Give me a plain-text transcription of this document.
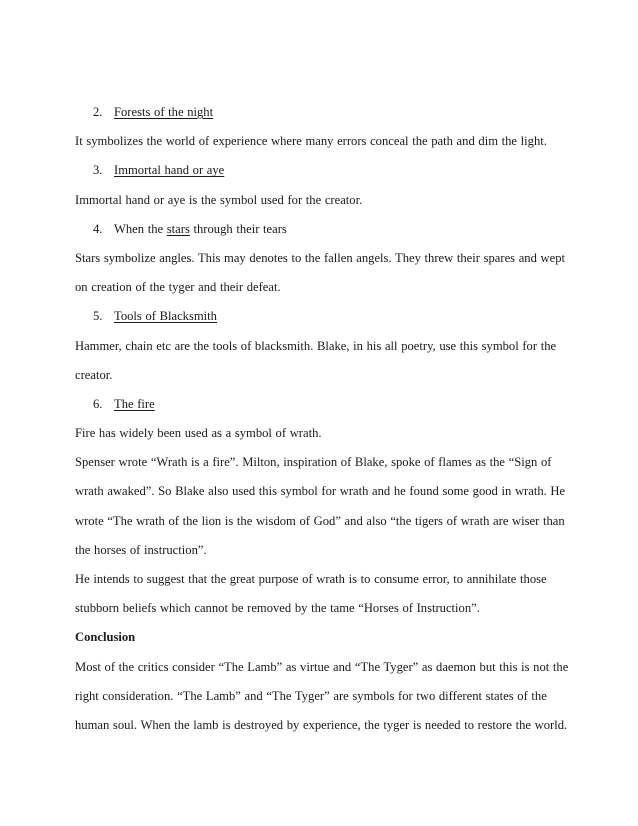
2. Forests of the night
It symbolizes the world of experience where many errors conceal the path and dim the light.
3. Immortal hand or aye
Immortal hand or aye is the symbol used for the creator.
4. When the stars through their tears
Stars symbolize angles. This may denotes to the fallen angels. They threw their spares and wept
on creation of the tyger and their defeat.
5. Tools of Blacksmith
Hammer, chain etc are the tools of blacksmith. Blake, in his all poetry, use this symbol for the
creator.
6. The fire
Fire has widely been used as a symbol of wrath.
Spenser wrote “Wrath is a fire”. Milton, inspiration of Blake, spoke of flames as the “Sign of
wrath awaked”. So Blake also used this symbol for wrath and he found some good in wrath. He
wrote “The wrath of the lion is the wisdom of God” and also “the tigers of wrath are wiser than
the horses of instruction”.
He intends to suggest that the great purpose of wrath is to consume error, to annihilate those
stubborn beliefs which cannot be removed by the tame “Horses of Instruction”.
Conclusion
Most of the critics consider “The Lamb” as virtue and “The Tyger” as daemon but this is not the
right consideration. “The Lamb” and “The Tyger” are symbols for two different states of the
human soul. When the lamb is destroyed by experience, the tyger is needed to restore the world.
